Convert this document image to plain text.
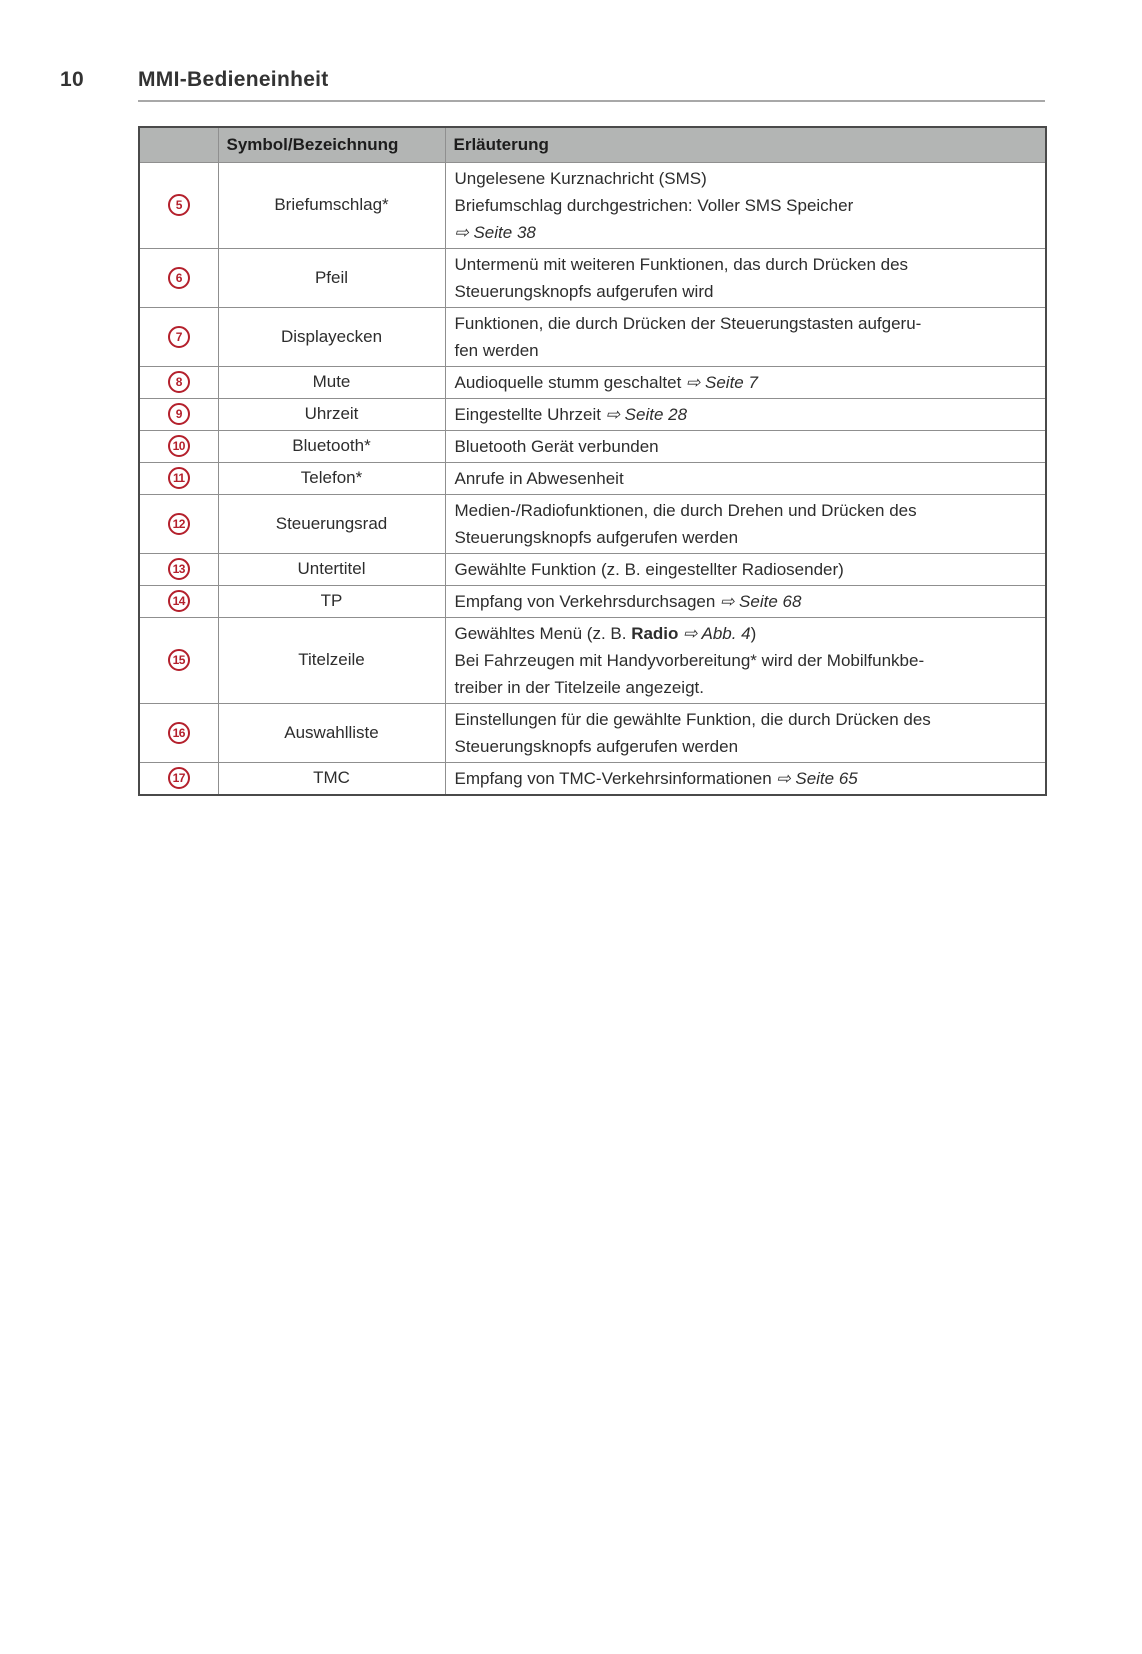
10	MMI-Bedieneinheit
	Symbol/Bezeichnung	Erläuterung
5	Briefumschlag*	Ungelesene Kurznachricht (SMS)
Briefumschlag durchgestrichen: Voller SMS Speicher
⇨ Seite 38

6	Pfeil	Untermenü mit weiteren Funktionen, das durch Drücken des
Steuerungsknopfs aufgerufen wird

7	Displayecken	Funktionen, die durch Drücken der Steuerungstasten aufgeru-
fen werden

8	Mute	Audioquelle stumm geschaltet ⇨ Seite 7

9	Uhrzeit	Eingestellte Uhrzeit ⇨ Seite 28

10	Bluetooth*	Bluetooth Gerät verbunden

11	Telefon*	Anrufe in Abwesenheit

12	Steuerungsrad	Medien-/Radiofunktionen, die durch Drehen und Drücken des
Steuerungsknopfs aufgerufen werden

13	Untertitel	Gewählte Funktion (z. B. eingestellter Radiosender)

14	TP	Empfang von Verkehrsdurchsagen ⇨ Seite 68

15	Titelzeile	Gewähltes Menü (z. B. Radio ⇨ Abb. 4)
Bei Fahrzeugen mit Handyvorbereitung* wird der Mobilfunkbe-
treiber in der Titelzeile angezeigt.

16	Auswahlliste	Einstellungen für die gewählte Funktion, die durch Drücken des
Steuerungsknopfs aufgerufen werden

17	TMC	Empfang von TMC-Verkehrsinformationen ⇨ Seite 65
